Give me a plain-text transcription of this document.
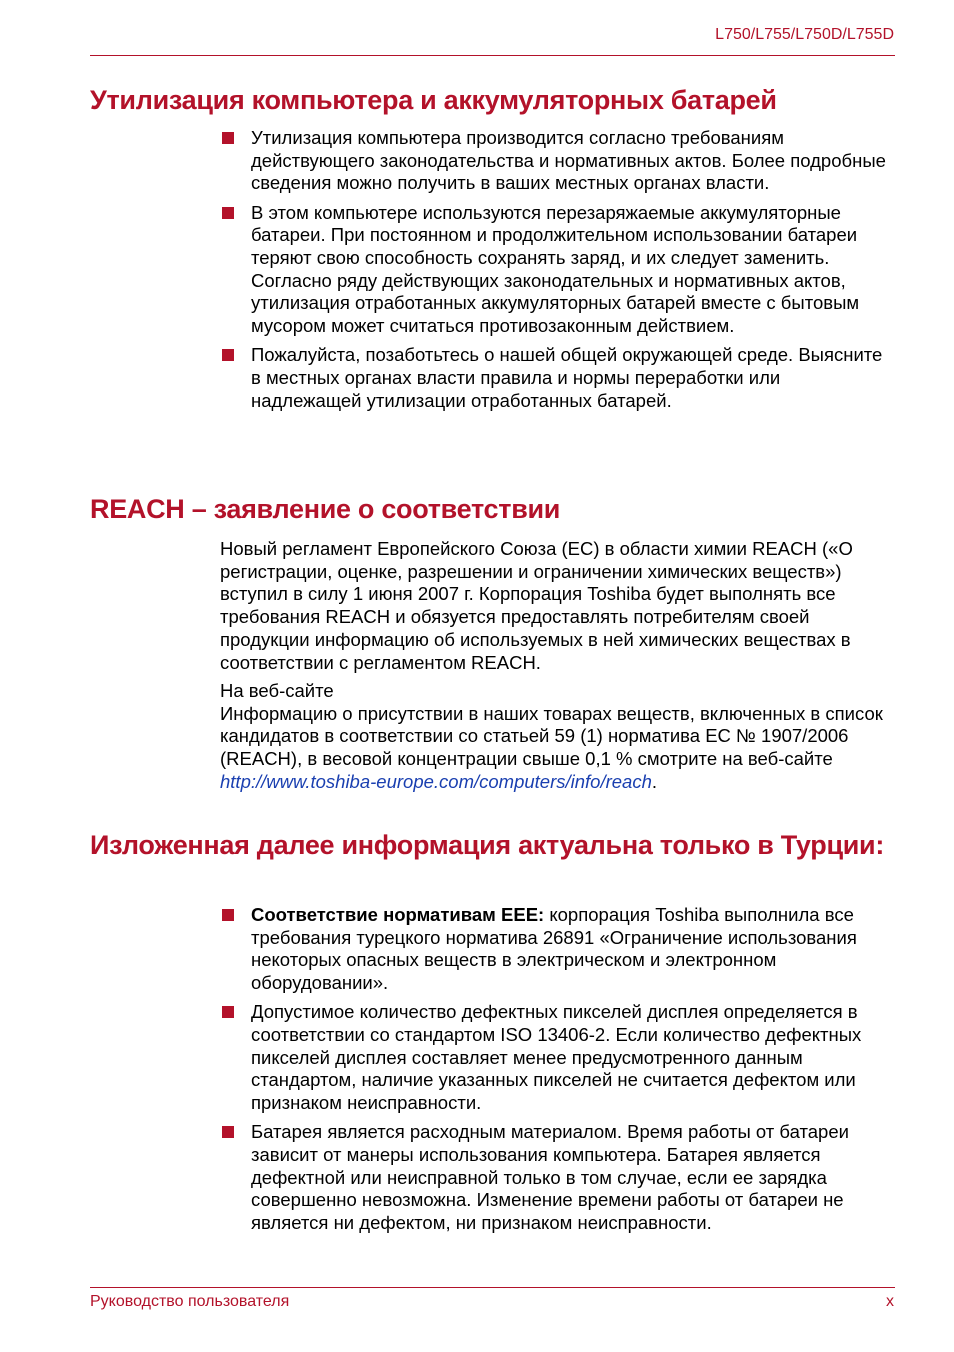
L750/L755/L750D/L755D
Утилизация компьютера и аккумуляторных батарей
Утилизация компьютера производится согласно требованиям действующего законодательства и нормативных актов. Более подробные сведения можно получить в ваших местных органах власти.
В этом компьютере используются перезаряжаемые аккумуляторные батареи. При постоянном и продолжительном использовании батареи теряют свою способность сохранять заряд, и их следует заменить. Согласно ряду действующих законодательных и нормативных актов, утилизация отработанных аккумуляторных батарей вместе с бытовым мусором может считаться противозаконным действием.
Пожалуйста, позаботьтесь о нашей общей окружающей среде. Выясните в местных органах власти правила и нормы переработки или надлежащей утилизации отработанных батарей.
REACH – заявление о соответствии

Новый регламент Европейского Союза (ЕС) в области химии REACH («О регистрации, оценке, разрешении и ограничении химических веществ») вступил в силу 1 июня 2007 г. Корпорация Toshiba будет выполнять все требования REACH и обязуется предоставлять потребителям своей продукции информацию об используемых в ней химических веществах в соответствии с регламентом REACH.

На веб-сайте
Информацию о присутствии в наших товарах веществ, включенных в список кандидатов в соответствии со статьей 59 (1) норматива ЕС № 1907/2006 (REACH), в весовой концентрации свыше 0,1 % смотрите на веб-сайте http://www.toshiba-europe.com/computers/info/reach.

Изложенная далее информация актуальна только в Турции:
Соответствие нормативам EEE: корпорация Toshiba выполнила все требования турецкого норматива 26891 «Ограничение использования некоторых опасных веществ в электрическом и электронном оборудовании».
Допустимое количество дефектных пикселей дисплея определяется в соответствии со стандартом ISO 13406-2. Если количество дефектных пикселей дисплея составляет менее предусмотренного данным стандартом, наличие указанных пикселей не считается дефектом или признаком неисправности.
Батарея является расходным материалом. Время работы от батареи зависит от манеры использования компьютера. Батарея является дефектной или неисправной только в том случае, если ее зарядка совершенно невозможна. Изменение времени работы от батареи не является ни дефектом, ни признаком неисправности.
Руководство пользователя	x
